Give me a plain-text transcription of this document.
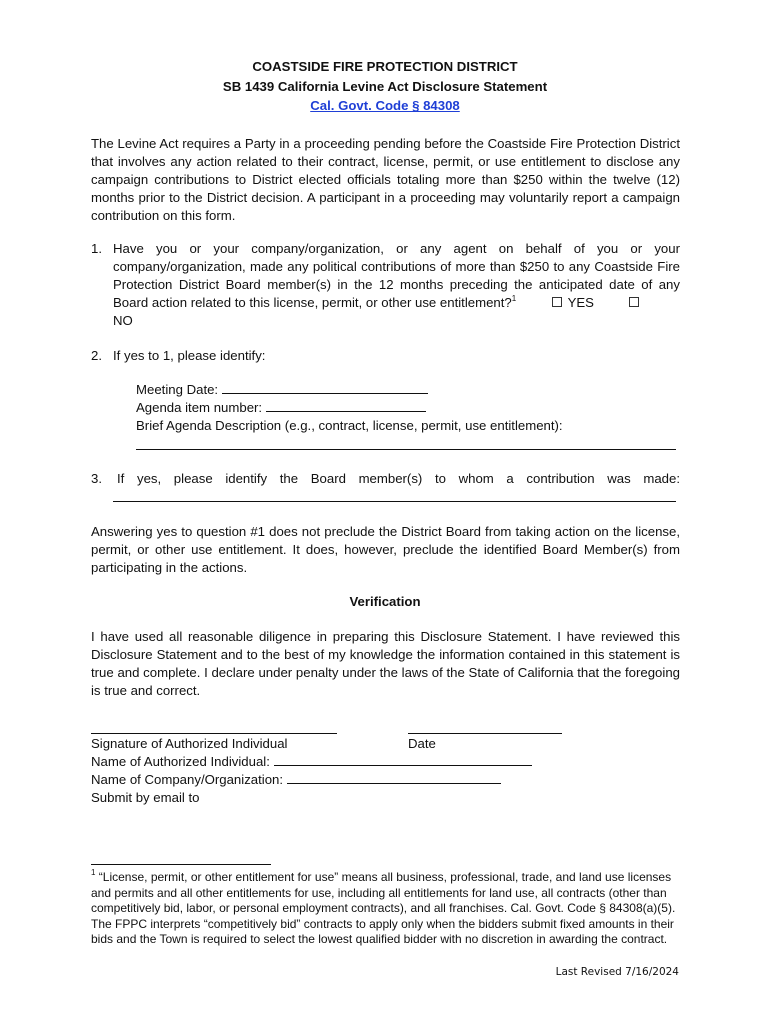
COASTSIDE FIRE PROTECTION DISTRICT
SB 1439 California Levine Act Disclosure Statement
Cal. Govt. Code § 84308
The Levine Act requires a Party in a proceeding pending before the Coastside Fire Protection District that involves any action related to their contract, license, permit, or use entitlement to disclose any campaign contributions to District elected officials totaling more than $250 within the twelve (12) months prior to the District decision. A participant in a proceeding may voluntarily report a campaign contribution on this form.
1. Have you or your company/organization, or any agent on behalf of you or your company/organization, made any political contributions of more than $250 to any Coastside Fire Protection District Board member(s) in the 12 months preceding the anticipated date of any Board action related to this license, permit, or other use entitlement?$^1$	YES
NO
2. If yes to 1, please identify:
Meeting Date:
Agenda item number:
Brief Agenda Description (e.g., contract, license, permit, use entitlement):
3. If yes, please identify the Board member(s) to whom a contribution was made:
Answering yes to question #1 does not preclude the District Board from taking action on the license, permit, or other use entitlement. It does, however, preclude the identified Board Member(s) from participating in the actions.
Verification
I have used all reasonable diligence in preparing this Disclosure Statement. I have reviewed this Disclosure Statement and to the best of my knowledge the information contained in this statement is true and complete. I declare under penalty under the laws of the State of California that the foregoing is true and correct.
Signature of Authorized Individual	Date
Name of Authorized Individual:
Name of Company/Organization:
Submit by email to
$^1$ “License, permit, or other entitlement for use” means all business, professional, trade, and land use licenses and permits and all other entitlements for use, including all entitlements for land use, all contracts (other than competitively bid, labor, or personal employment contracts), and all franchises. Cal. Govt. Code § 84308(a)(5). The FPPC interprets “competitively bid” contracts to apply only when the bidders submit fixed amounts in their bids and the Town is required to select the lowest qualified bidder with no discretion in awarding the contract.
Last Revised 7/16/2024
